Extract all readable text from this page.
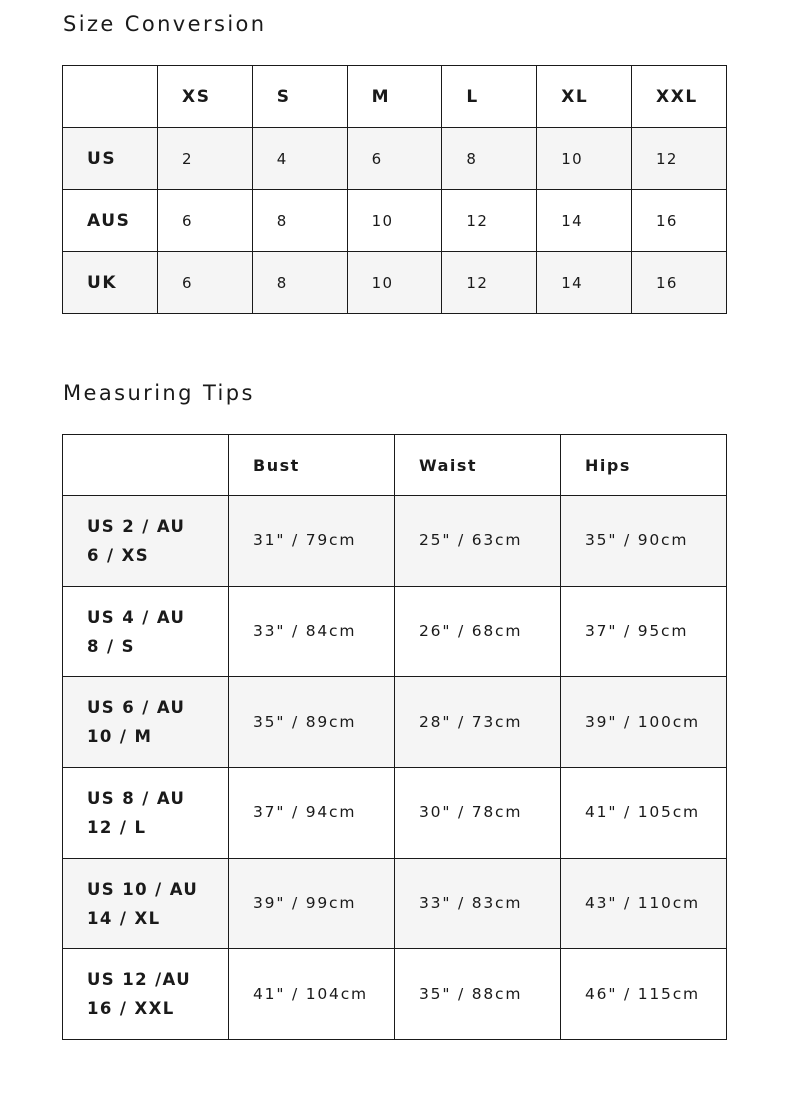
Size Conversion
	XS	S	M	L	XL	XXL
US	2	4	6	8	10	12
AUS	6	8	10	12	14	16
UK	6	8	10	12	14	16
Measuring Tips
	Bust	Waist	Hips
US 2 / AU 6 / XS	31" / 79cm	25" / 63cm	35" / 90cm
US 4 / AU 8 / S	33" / 84cm	26" / 68cm	37" / 95cm
US 6 / AU 10 / M	35" / 89cm	28" / 73cm	39" / 100cm
US 8 / AU 12 / L	37" / 94cm	30" / 78cm	41" / 105cm
US 10 / AU 14 / XL	39" / 99cm	33" / 83cm	43" / 110cm
US 12 /AU 16 / XXL	41" / 104cm	35" / 88cm	46" / 115cm
